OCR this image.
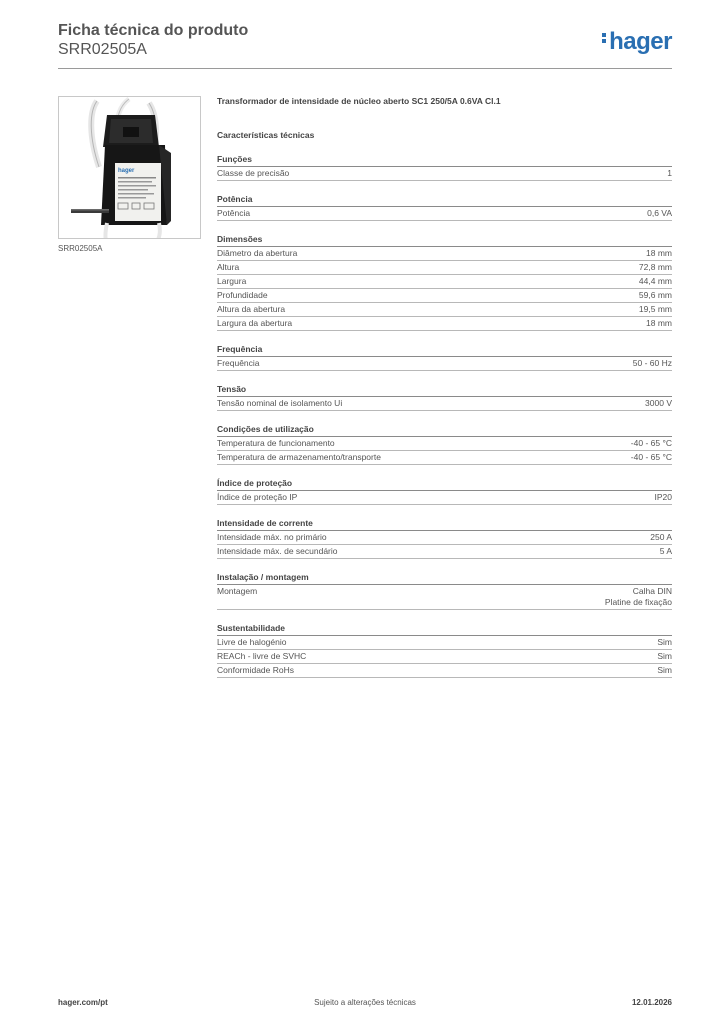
Ficha técnica do produto
SRR02505A	hager
hager
SRR02505A
Transformador de intensidade de núcleo aberto SC1 250/5A 0.6VA Cl.1
Características técnicas
Funções
Classe de precisão	1
Potência
Potência	0,6 VA
Dimensões
Diâmetro da abertura	18 mm
Altura	72,8 mm
Largura	44,4 mm
Profundidade	59,6 mm
Altura da abertura	19,5 mm
Largura da abertura	18 mm
Frequência
Frequência	50 - 60 Hz
Tensão
Tensão nominal de isolamento Ui	3000 V
Condições de utilização
Temperatura de funcionamento	-40 - 65 °C
Temperatura de armazenamento/transporte	-40 - 65 °C
Índice de proteção
Índice de proteção IP	IP20
Intensidade de corrente
Intensidade máx. no primário	250 A
Intensidade máx. de secundário	5 A
Instalação / montagem
Montagem	Calha DIN
Platine de fixação
Sustentabilidade
Livre de halogénio	Sim
REACh - livre de SVHC	Sim
Conformidade RoHs	Sim
hager.com/pt	Sujeito a alterações técnicas	12.01.2026
